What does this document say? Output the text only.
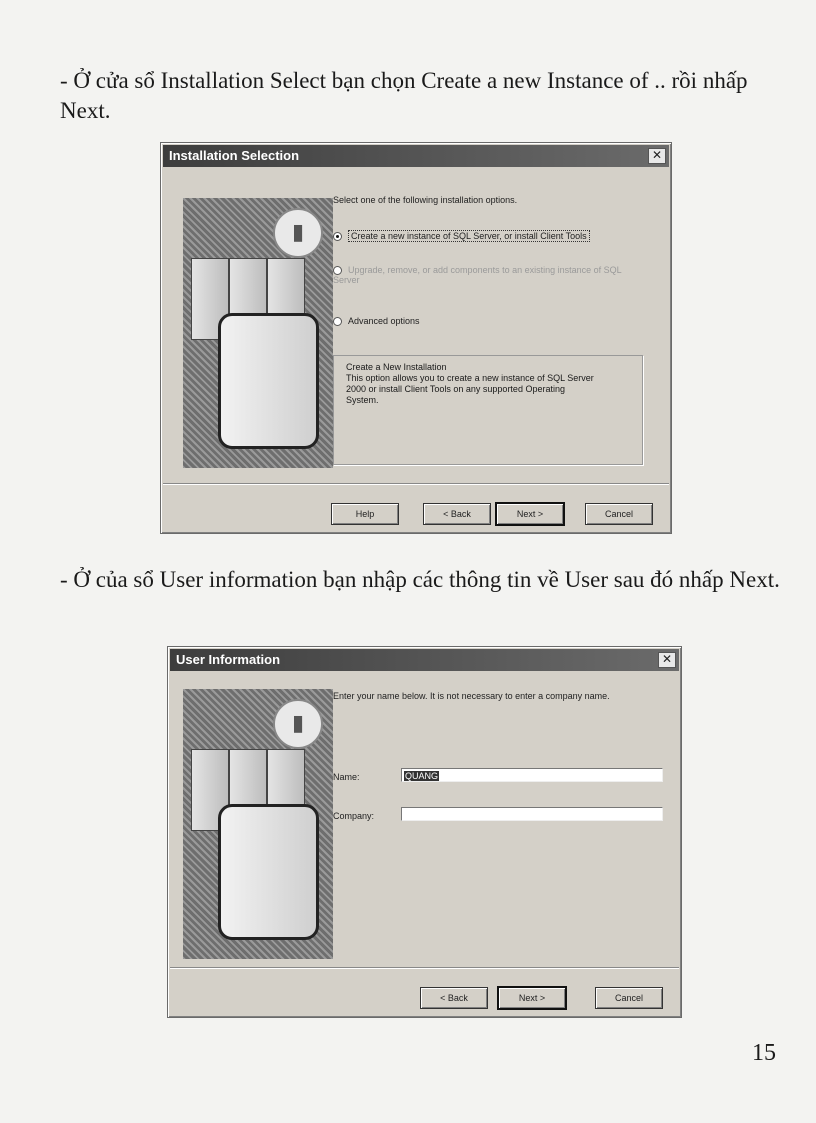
- Ở cửa sổ Installation Select bạn chọn Create a new Instance of .. rồi nhấp Next.

Installation Selection	✕
▮
Select one of the following installation options.
Create a new instance of SQL Server, or install Client Tools
Upgrade, remove, or add components to an existing instance of SQL Server
Advanced options
Create a New Installation
This option allows you to create a new instance of SQL Server 2000 or install Client Tools on any supported Operating System.
Help	< Back	Next >	Cancel

- Ở của sổ User information bạn nhập các thông tin về User sau đó nhấp Next.

User Information	✕
▮
Enter your name below. It is not necessary to enter a company name.
Name:	QUANG
Company:
< Back	Next >	Cancel
15
